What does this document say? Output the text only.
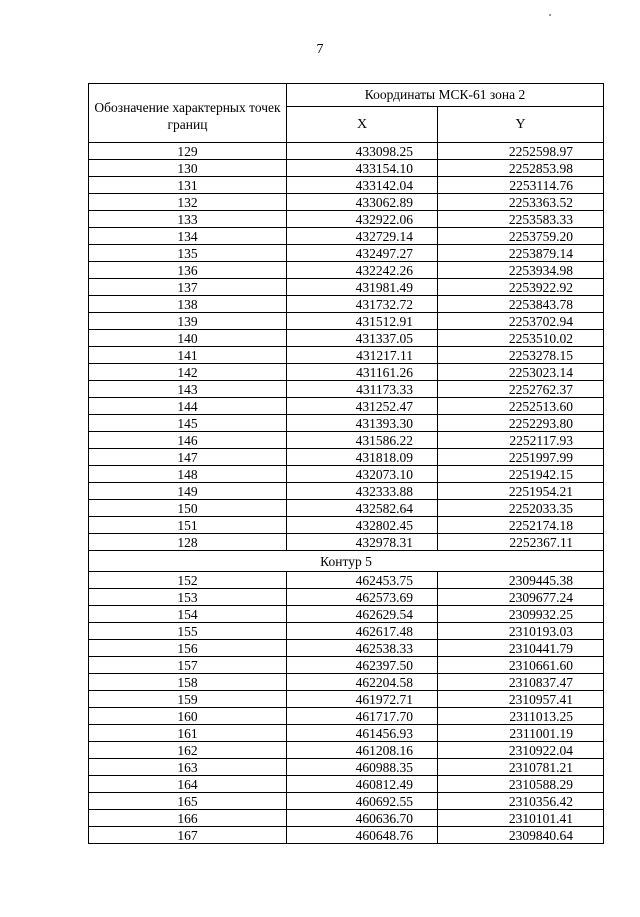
7
Обозначение характерных точек границ	Координаты МСК-61 зона 2	
	X	Y
129	433098.25	2252598.97
130	433154.10	2252853.98
131	433142.04	2253114.76
132	433062.89	2253363.52
133	432922.06	2253583.33
134	432729.14	2253759.20
135	432497.27	2253879.14
136	432242.26	2253934.98
137	431981.49	2253922.92
138	431732.72	2253843.78
139	431512.91	2253702.94
140	431337.05	2253510.02
141	431217.11	2253278.15
142	431161.26	2253023.14
143	431173.33	2252762.37
144	431252.47	2252513.60
145	431393.30	2252293.80
146	431586.22	2252117.93
147	431818.09	2251997.99
148	432073.10	2251942.15
149	432333.88	2251954.21
150	432582.64	2252033.35
151	432802.45	2252174.18
128	432978.31	2252367.11
Контур 5		
152	462453.75	2309445.38
153	462573.69	2309677.24
154	462629.54	2309932.25
155	462617.48	2310193.03
156	462538.33	2310441.79
157	462397.50	2310661.60
158	462204.58	2310837.47
159	461972.71	2310957.41
160	461717.70	2311013.25
161	461456.93	2311001.19
162	461208.16	2310922.04
163	460988.35	2310781.21
164	460812.49	2310588.29
165	460692.55	2310356.42
166	460636.70	2310101.41
167	460648.76	2309840.64
